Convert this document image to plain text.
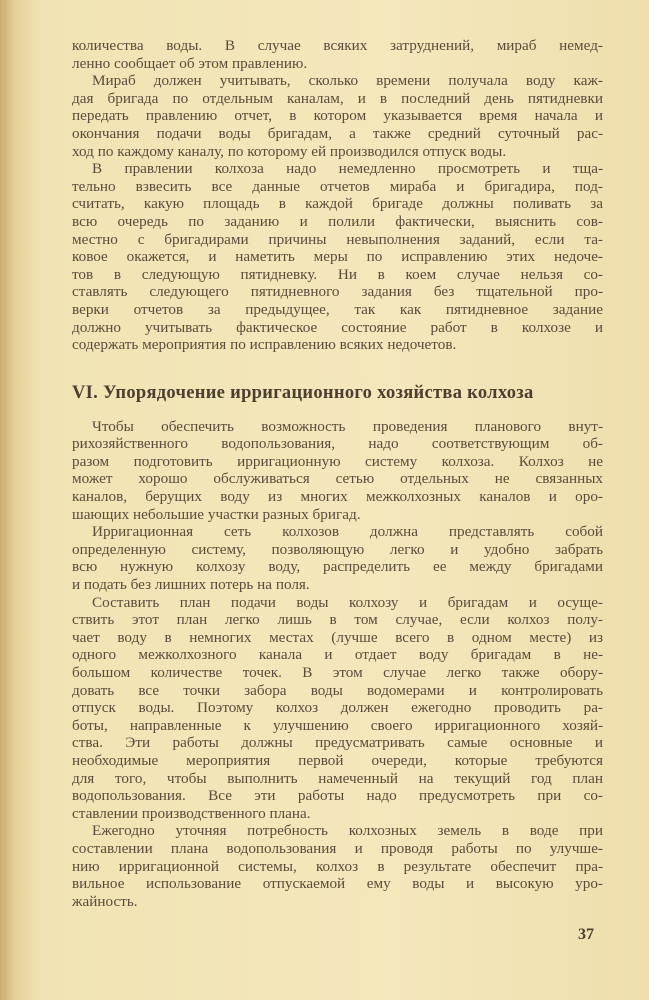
количества воды. В случае всяких затруднений, мираб немед-
ленно сообщает об этом правлению.
Мираб должен учитывать, сколько времени получала воду каж-
дая бригада по отдельным каналам, и в последний день пятидневки
передать правлению отчет, в котором указывается время начала и
окончания подачи воды бригадам, а также средний суточный рас-
ход по каждому каналу, по которому ей производился отпуск воды.
В правлении колхоза надо немедленно просмотреть и тща-
тельно взвесить все данные отчетов мираба и бригадира, под-
считать, какую площадь в каждой бригаде должны поливать за
всю очередь по заданию и полили фактически, выяснить сов-
местно с бригадирами причины невыполнения заданий, если та-
ковое окажется, и наметить меры по исправлению этих недоче-
тов в следующую пятидневку. Ни в коем случае нельзя со-
ставлять следующего пятидневного задания без тщательной про-
верки отчетов за предыдущее, так как пятидневное задание
должно учитывать фактическое состояние работ в колхозе и
содержать мероприятия по исправлению всяких недочетов.
VI. Упорядочение ирригационного хозяйства колхоза
Чтобы обеспечить возможность проведения планового внут-
рихозяйственного водопользования, надо соответствующим об-
разом подготовить ирригационную систему колхоза. Колхоз не
может хорошо обслуживаться сетью отдельных не связанных
каналов, берущих воду из многих межколхозных каналов и оро-
шающих небольшие участки разных бригад.
Ирригационная сеть колхозов должна представлять собой
определенную систему, позволяющую легко и удобно забрать
всю нужную колхозу воду, распределить ее между бригадами
и подать без лишних потерь на поля.
Составить план подачи воды колхозу и бригадам и осуще-
ствить этот план легко лишь в том случае, если колхоз полу-
чает воду в немногих местах (лучше всего в одном месте) из
одного межколхозного канала и отдает воду бригадам в не-
большом количестве точек. В этом случае легко также обору-
довать все точки забора воды водомерами и контролировать
отпуск воды. Поэтому колхоз должен ежегодно проводить ра-
боты, направленные к улучшению своего ирригационного хозяй-
ства. Эти работы должны предусматривать самые основные и
необходимые мероприятия первой очереди, которые требуются
для того, чтобы выполнить намеченный на текущий год план
водопользования. Все эти работы надо предусмотреть при со-
ставлении производственного плана.
Ежегодно уточняя потребность колхозных земель в воде при
составлении плана водопользования и проводя работы по улучше-
нию ирригационной системы, колхоз в результате обеспечит пра-
вильное использование отпускаемой ему воды и высокую уро-
жайность.
37
